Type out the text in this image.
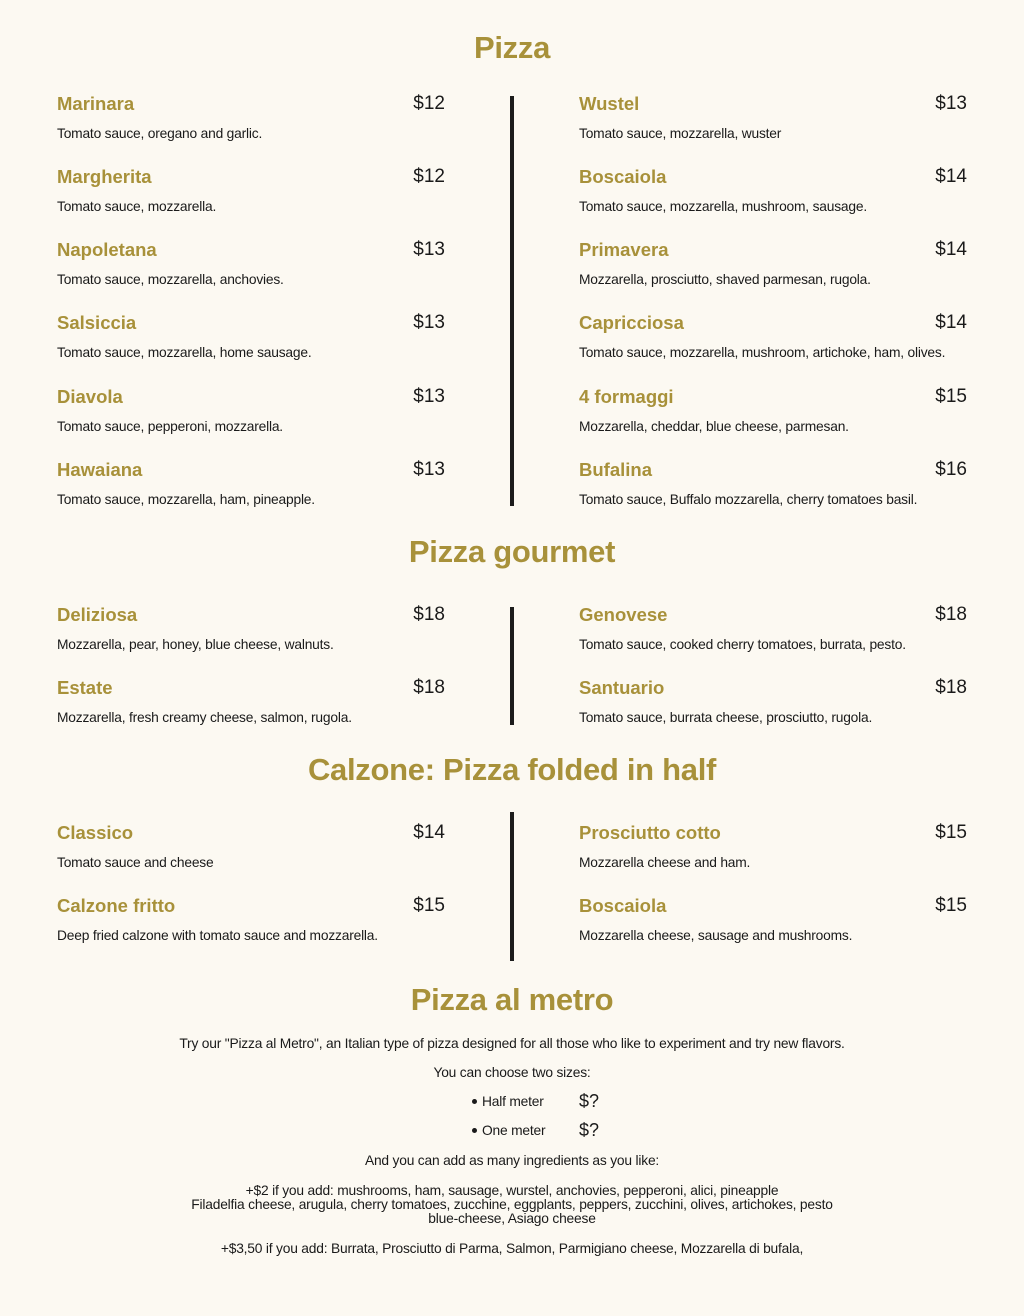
Pizza
Marinara	$12
Tomato sauce, oregano and garlic.
Margherita	$12
Tomato sauce, mozzarella.
Napoletana	$13
Tomato sauce, mozzarella, anchovies.
Salsiccia	$13
Tomato sauce, mozzarella, home sausage.
Diavola	$13
Tomato sauce, pepperoni, mozzarella.
Hawaiana	$13
Tomato sauce, mozzarella, ham, pineapple.
Wustel	$13
Tomato sauce, mozzarella, wuster
Boscaiola	$14
Tomato sauce, mozzarella, mushroom, sausage.
Primavera	$14
Mozzarella, prosciutto, shaved parmesan, rugola.
Capricciosa	$14
Tomato sauce, mozzarella, mushroom, artichoke, ham, olives.
4 formaggi	$15
Mozzarella, cheddar, blue cheese, parmesan.
Bufalina	$16
Tomato sauce, Buffalo mozzarella, cherry tomatoes basil.
Pizza gourmet
Deliziosa	$18
Mozzarella, pear, honey, blue cheese, walnuts.
Estate	$18
Mozzarella, fresh creamy cheese, salmon, rugola.
Genovese	$18
Tomato sauce, cooked cherry tomatoes, burrata, pesto.
Santuario	$18
Tomato sauce, burrata cheese, prosciutto, rugola.
Calzone: Pizza folded in half
Classico	$14
Tomato sauce and cheese
Calzone fritto	$15
Deep fried calzone with tomato sauce and mozzarella.
Prosciutto cotto	$15
Mozzarella cheese and ham.
Boscaiola	$15
Mozzarella cheese, sausage and mushrooms.
Pizza al metro

Try our "Pizza al Metro", an Italian type of pizza designed for all those who like to experiment and try new flavors.

You can choose two sizes:

Half meter $?
One meter $?

And you can add as many ingredients as you like:

+$2 if you add: mushrooms, ham, sausage, wurstel, anchovies, pepperoni, alici, pineapple

Filadelfia cheese, arugula, cherry tomatoes, zucchine, eggplants, peppers, zucchini, olives, artichokes, pesto

blue-cheese, Asiago cheese

+$3,50 if you add: Burrata, Prosciutto di Parma, Salmon, Parmigiano cheese, Mozzarella di bufala,
